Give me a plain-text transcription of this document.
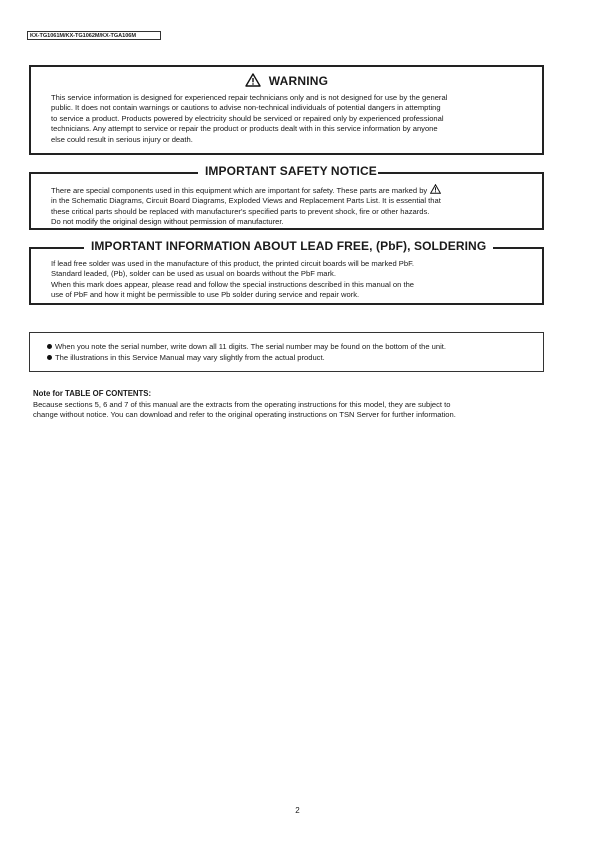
KX-TG1061M/KX-TG1062M/KX-TGA106M
WARNING
This service information is designed for experienced repair technicians only and is not designed for use by the general
public. It does not contain warnings or cautions to advise non-technical individuals of potential dangers in attempting
to service a product. Products powered by electricity should be serviced or repaired only by experienced professional
technicians. Any attempt to service or repair the product or products dealt with in this service information by anyone
else could result in serious injury or death.
IMPORTANT SAFETY NOTICE
There are special components used in this equipment which are important for safety. These parts are marked by
in the Schematic Diagrams, Circuit Board Diagrams, Exploded Views and Replacement Parts List. It is essential that
these critical parts should be replaced with manufacturer's specified parts to prevent shock, fire or other hazards.
Do not modify the original design without permission of manufacturer.
IMPORTANT INFORMATION ABOUT LEAD FREE, (PbF), SOLDERING
If lead free solder was used in the manufacture of this product, the printed circuit boards will be marked PbF.
Standard leaded, (Pb), solder can be used as usual on boards without the PbF mark.
When this mark does appear, please read and follow the special instructions described in this manual on the
use of PbF and how it might be permissible to use Pb solder during service and repair work.
When you note the serial number, write down all 11 digits. The serial number may be found on the bottom of the unit.
The illustrations in this Service Manual may vary slightly from the actual product.
Note for TABLE OF CONTENTS:
Because sections 5, 6 and 7 of this manual are the extracts from the operating instructions for this model, they are subject to
change without notice. You can download and refer to the original operating instructions on TSN Server for further information.
2
